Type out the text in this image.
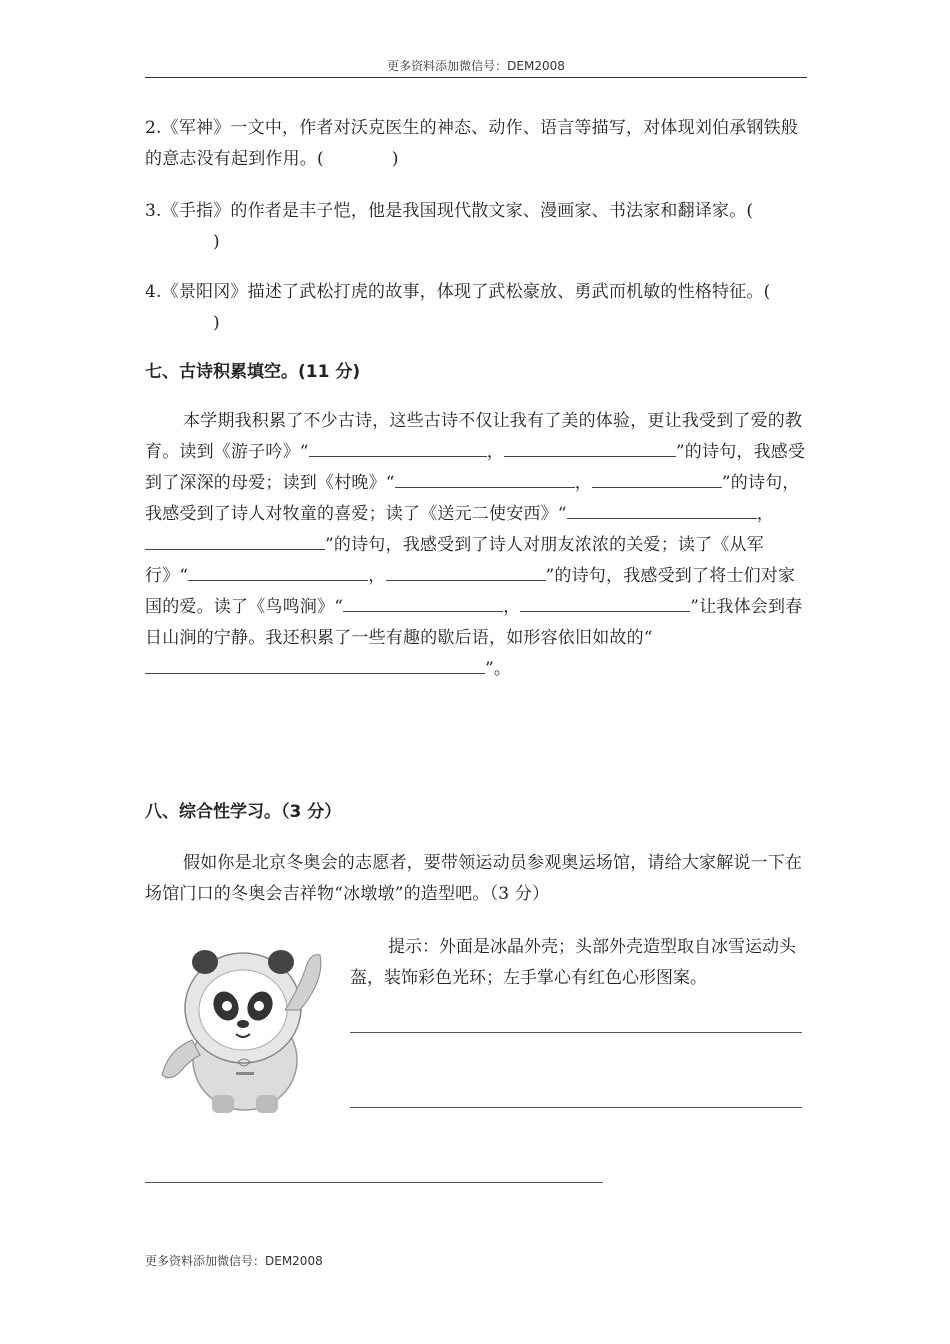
更多资料添加微信号：DEM2008
2.《军神》一文中，作者对沃克医生的神态、动作、语言等描写，对体现刘伯承钢铁般的意志没有起到作用。(	)
3.《手指》的作者是丰子恺，他是我国现代散文家、漫画家、书法家和翻译家。()
4.《景阳冈》描述了武松打虎的故事，体现了武松豪放、勇武而机敏的性格特征。()
七、古诗积累填空。(11 分)
本学期我积累了不少古诗，这些古诗不仅让我有了美的体验，更让我受到了爱的教育。读到《游子吟》“	，	”的诗句，我感受到了深深的母爱；读到《村晚》“	，	”的诗句，我感受到了诗人对牧童的喜爱；读了《送元二使安西》“	，”的诗句，我感受到了诗人对朋友浓浓的关爱；读了《从军行》“	，	”的诗句，我感受到了将士们对家国的爱。读了《鸟鸣涧》“	，	”让我体会到春日山涧的宁静。我还积累了一些有趣的歇后语，如形容依旧如故的“”。
八、综合性学习。（3 分）
假如你是北京冬奥会的志愿者，要带领运动员参观奥运场馆，请给大家解说一下在场馆门口的冬奥会吉祥物“冰墩墩”的造型吧。（3 分）
提示：外面是冰晶外壳；头部外壳造型取自冰雪运动头盔，装饰彩色光环；左手掌心有红色心形图案。
更多资料添加微信号：DEM2008
